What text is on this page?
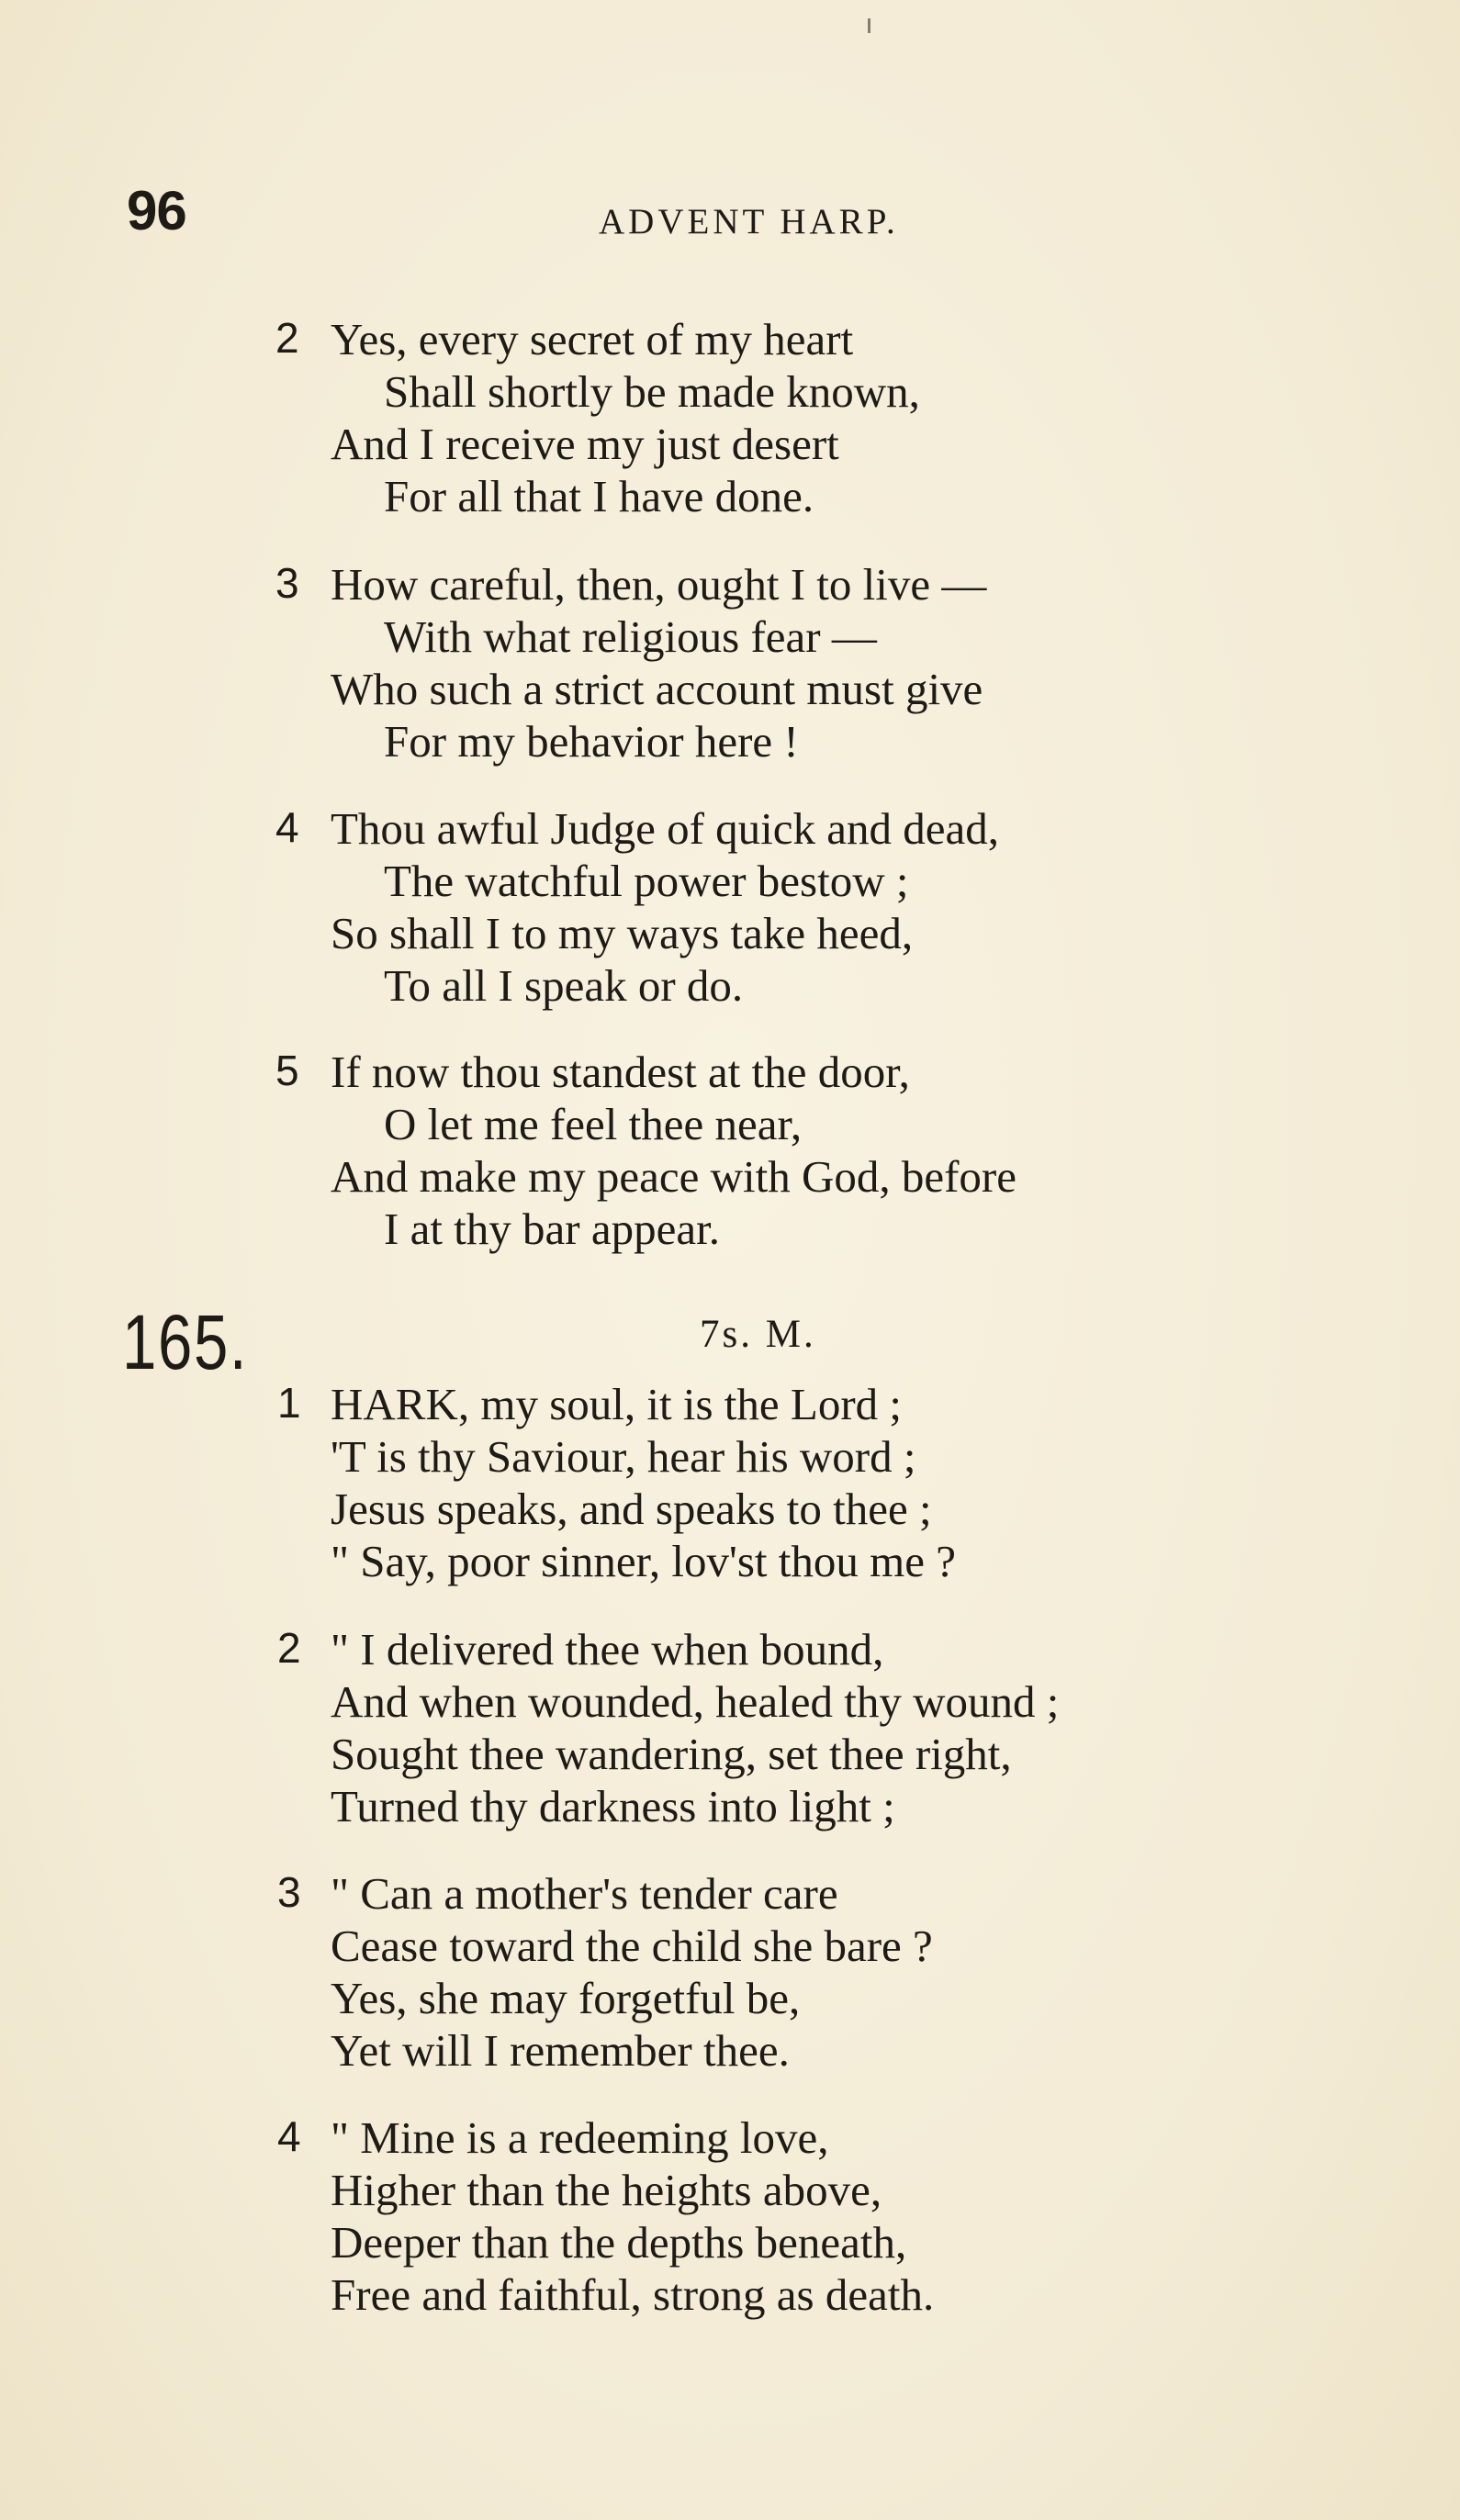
96	ADVENT HARP.
2 Yes, every secret of my heart
Shall shortly be made known,
And I receive my just desert
For all that I have done.
3 How careful, then, ought I to live —
With what religious fear —
Who such a strict account must give
For my behavior here !
4 Thou awful Judge of quick and dead,
The watchful power bestow ;
So shall I to my ways take heed,
To all I speak or do.
5 If now thou standest at the door,
O let me feel thee near,
And make my peace with God, before
I at thy bar appear.
165.	7s. M.
1 HARK, my soul, it is the Lord ;
'T is thy Saviour, hear his word ;
Jesus speaks, and speaks to thee ;
" Say, poor sinner, lov'st thou me ?
2 " I delivered thee when bound,
And when wounded, healed thy wound ;
Sought thee wandering, set thee right,
Turned thy darkness into light ;
3 " Can a mother's tender care
Cease toward the child she bare ?
Yes, she may forgetful be,
Yet will I remember thee.
4 " Mine is a redeeming love,
Higher than the heights above,
Deeper than the depths beneath,
Free and faithful, strong as death.
